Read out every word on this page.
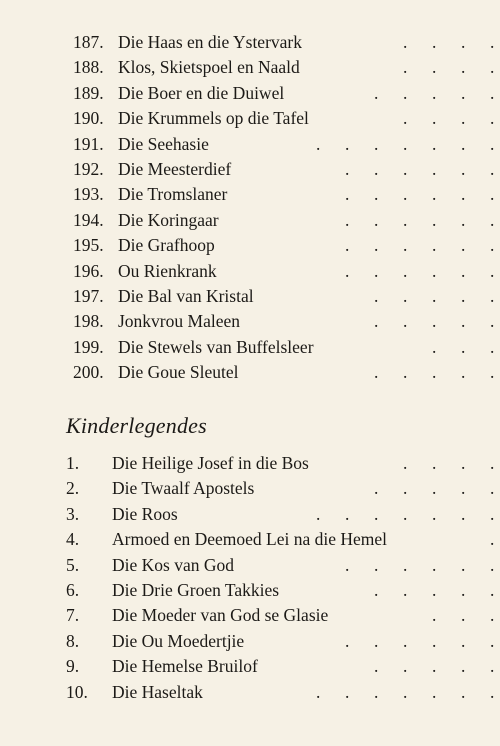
187. Die Haas en die Ystervark	. . . .
188. Klos, Skietspoel en Naald	. . . .
189. Die Boer en die Duiwel	. . . . .
190. Die Krummels op die Tafel	. . . .
191. Die Seehasie	. . . . . . .
192. Die Meesterdief	. . . . . .
193. Die Tromslaner	. . . . . .
194. Die Koringaar	. . . . . .
195. Die Grafhoop	. . . . . .
196. Ou Rienkrank	. . . . . .
197. Die Bal van Kristal	. . . . .
198. Jonkvrou Maleen	. . . . .
199. Die Stewels van Buffelsleer	. . .
200. Die Goue Sleutel	. . . . .
Kinderlegendes
1. Die Heilige Josef in die Bos	. . . .
2. Die Twaalf Apostels	. . . . .
3. Die Roos	. . . . . . .
4. Armoed en Deemoed Lei na die Hemel	.
5. Die Kos van God	. . . . . .
6. Die Drie Groen Takkies	. . . . .
7. Die Moeder van God se Glasie	. . .
8. Die Ou Moedertjie	. . . . . .
9. Die Hemelse Bruilof	. . . . .
10. Die Haseltak	. . . . . . .
